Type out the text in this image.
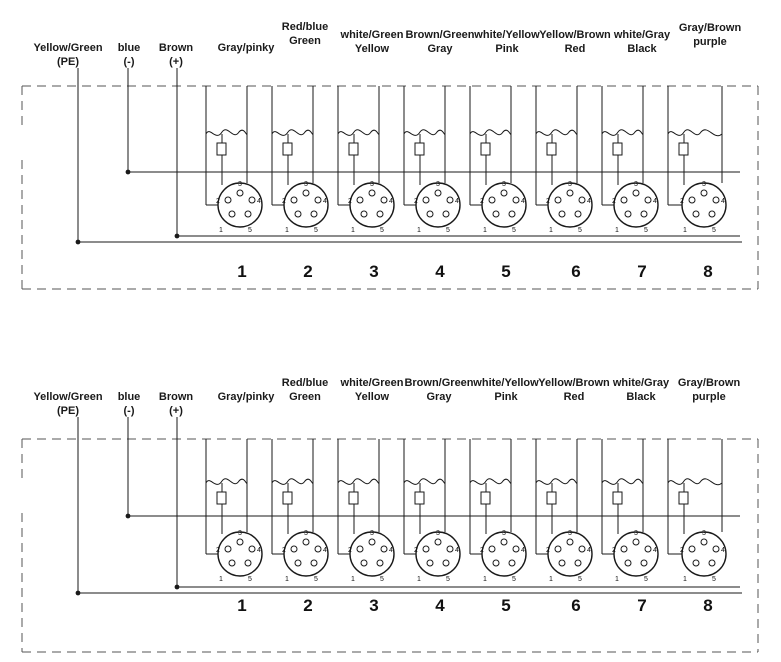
Yellow/Green
(PE)
blue
(-)
Brown
(+)
Gray/pinky
Red/blue
Green	white/Green
Yellow
Brown/Green
Gray
white/Yellow
Pink
Yellow/Brown
Red
white/Gray
Black
Gray/Brown
purple
1	2	3	4	5	6	7	8
3
2	4
1	5
3
2	4
1	5
3
2	4
1	5
3
2	4
1	5
3
2	4
1	5
3
2	4
1	5
3
2	4
1	5
3
2	4
1	5
Yellow/Green
(PE)
blue
(-)
Brown
(+)
Gray/pinky
Red/blue
Green
white/Green
Yellow
Brown/Green
Gray
white/Yellow
Pink
Yellow/Brown
Red
white/Gray
Black
Gray/Brown
purple
1	2	3	4	5	6	7	8
3
2	4
1	5
3
2	4
1	5
3
2	4
1	5
3
2	4
1	5
3
2	4
1	5
3
2	4
1	5
3
2	4
1	5
3
2	4
1	5
